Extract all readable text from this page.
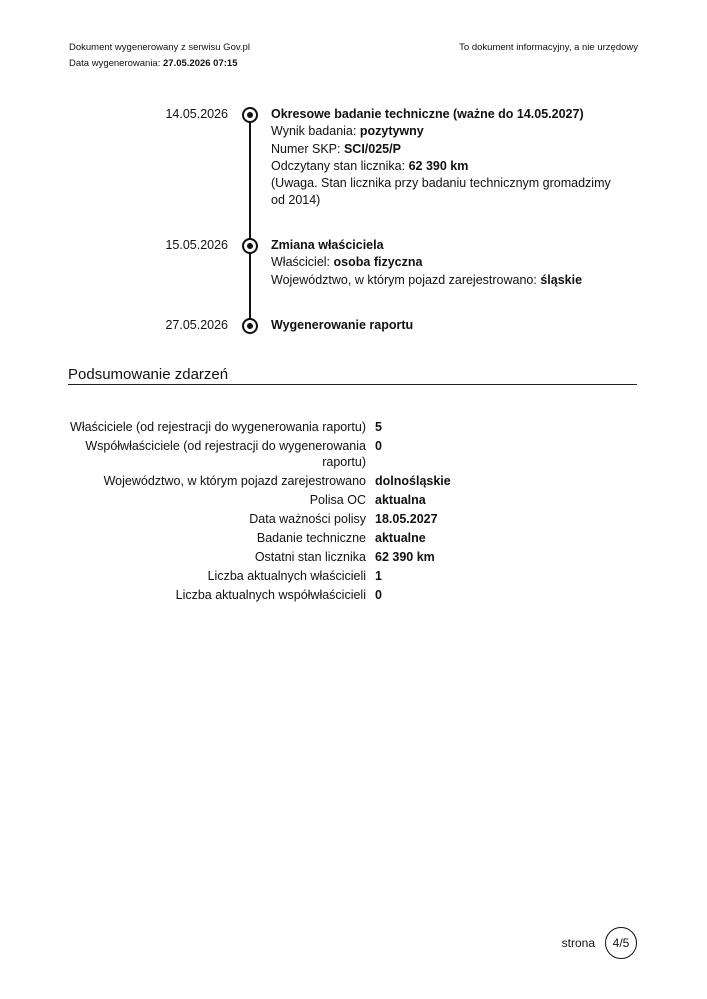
Dokument wygenerowany z serwisu Gov.pl
Data wygenerowania: 27.05.2026 07:15
To dokument informacyjny, a nie urzędowy
14.05.2026	Okresowe badanie techniczne (ważne do 14.05.2027)
Wynik badania: pozytywny
Numer SKP: SCI/025/P
Odczytany stan licznika: 62 390 km
(Uwaga. Stan licznika przy badaniu technicznym gromadzimy od 2014)
15.05.2026	Zmiana właściciela
Właściciel: osoba fizyczna
Województwo, w którym pojazd zarejestrowano: śląskie
27.05.2026	Wygenerowanie raportu
Podsumowanie zdarzeń
Właściciele (od rejestracji do wygenerowania raportu)	5
Współwłaściciele (od rejestracji do wygenerowania raportu)	0
Województwo, w którym pojazd zarejestrowano	dolnośląskie
Polisa OC	aktualna
Data ważności polisy	18.05.2027
Badanie techniczne	aktualne
Ostatni stan licznika	62 390 km
Liczba aktualnych właścicieli	1
Liczba aktualnych współwłaścicieli	0
strona	4/5
